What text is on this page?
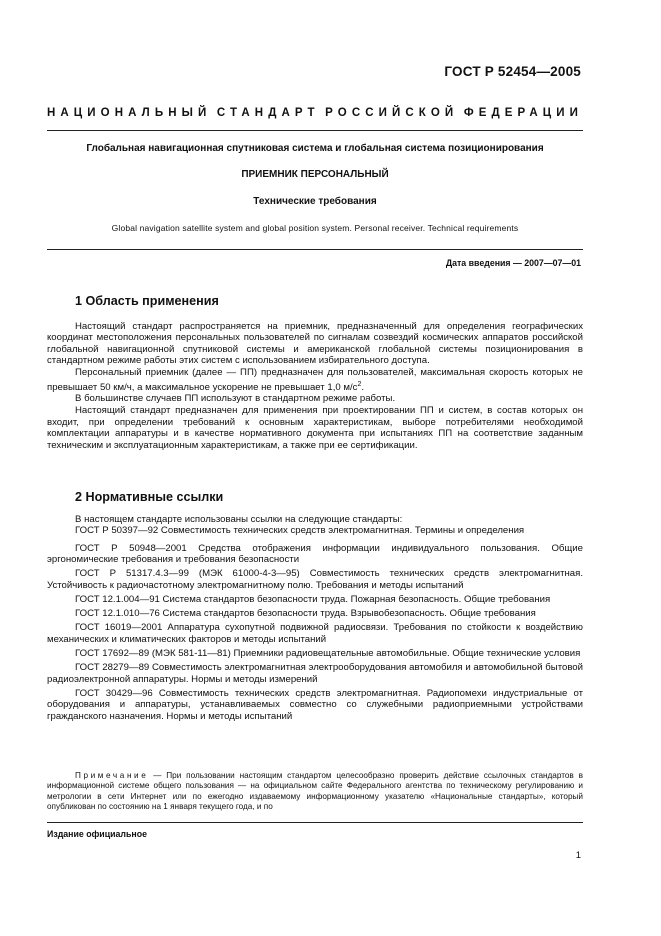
ГОСТ Р 52454—2005
НАЦИОНАЛЬНЫЙ СТАНДАРТ РОССИЙСКОЙ ФЕДЕРАЦИИ
Глобальная навигационная спутниковая система и глобальная система позиционирования
ПРИЕМНИК ПЕРСОНАЛЬНЫЙ
Технические требования
Global navigation satellite system and global position system. Personal receiver. Technical requirements
Дата введения — 2007—07—01
1 Область применения

Настоящий стандарт распространяется на приемник, предназначенный для определения географических координат местоположения персональных пользователей по сигналам созвездий космических аппаратов российской глобальной навигационной спутниковой системы и американской глобальной системы позиционирования в стандартном режиме работы этих систем с использованием избирательного доступа.

Персональный приемник (далее — ПП) предназначен для пользователей, максимальная скорость которых не превышает 50 км/ч, а максимальное ускорение не превышает 1,0 $м/с^2$.

В большинстве случаев ПП используют в стандартном режиме работы.

Настоящий стандарт предназначен для применения при проектировании ПП и систем, в состав которых он входит, при определении требований к основным характеристикам, выборе потребителями необходимой комплектации аппаратуры и в качестве нормативного документа при испытаниях ПП на соответствие заданным техническим и эксплуатационным характеристикам, а также при ее сертификации.

2 Нормативные ссылки

В настоящем стандарте использованы ссылки на следующие стандарты:

ГОСТ Р 50397—92 Совместимость технических средств электромагнитная. Термины и определения

ГОСТ Р 50948—2001 Средства отображения информации индивидуального пользования. Общие эргономические требования и требования безопасности

ГОСТ Р 51317.4.3—99 (МЭК 61000-4-3—95) Совместимость технических средств электромагнитная. Устойчивость к радиочастотному электромагнитному полю. Требования и методы испытаний

ГОСТ 12.1.004—91 Система стандартов безопасности труда. Пожарная безопасность. Общие требования

ГОСТ 12.1.010—76 Система стандартов безопасности труда. Взрывобезопасность. Общие требования

ГОСТ 16019—2001 Аппаратура сухопутной подвижной радиосвязи. Требования по стойкости к воздействию механических и климатических факторов и методы испытаний

ГОСТ 17692—89 (МЭК 581-11—81) Приемники радиовещательные автомобильные. Общие технические условия

ГОСТ 28279—89 Совместимость электромагнитная электрооборудования автомобиля и автомобильной бытовой радиоэлектронной аппаратуры. Нормы и методы измерений

ГОСТ 30429—96 Совместимость технических средств электромагнитная. Радиопомехи индустриальные от оборудования и аппаратуры, устанавливаемых совместно со служебными радиоприемными устройствами гражданского назначения. Нормы и методы испытаний

Примечание — При пользовании настоящим стандартом целесообразно проверить действие ссылочных стандартов в информационной системе общего пользования — на официальном сайте Федерального агентства по техническому регулированию и метрологии в сети Интернет или по ежегодно издаваемому информационному указателю «Национальные стандарты», который опубликован по состоянию на 1 января текущего года, и по
Издание официальное
1
